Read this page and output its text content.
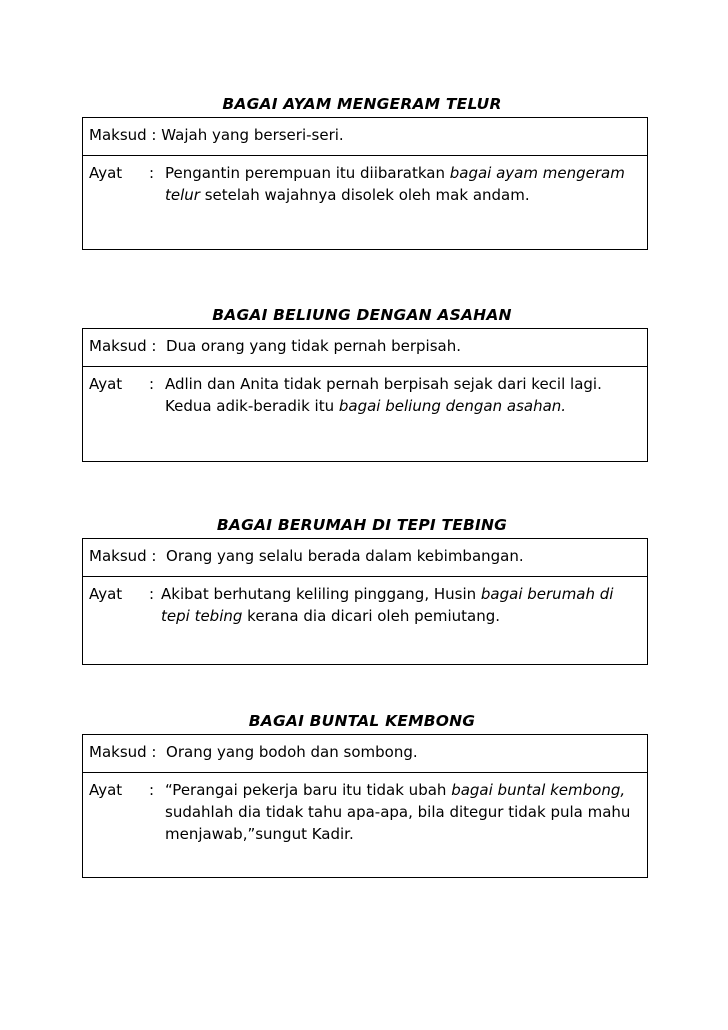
BAGAI AYAM MENGERAM TELUR
Maksud : Wajah yang berseri-seri.
Ayat	: Pengantin perempuan itu diibaratkan bagai ayam mengeram telur setelah wajahnya disolek oleh mak andam.
BAGAI BELIUNG DENGAN ASAHAN
Maksud : Dua orang yang tidak pernah berpisah.
Ayat	: Adlin dan Anita tidak pernah berpisah sejak dari kecil lagi. Kedua adik-beradik itu bagai beliung dengan asahan.
BAGAI BERUMAH DI TEPI TEBING
Maksud : Orang yang selalu berada dalam kebimbangan.
Ayat	: Akibat berhutang keliling pinggang, Husin bagai berumah di tepi tebing kerana dia dicari oleh pemiutang.
BAGAI BUNTAL KEMBONG
Maksud : Orang yang bodoh dan sombong.
Ayat	: “Perangai pekerja baru itu tidak ubah bagai buntal kembong, sudahlah dia tidak tahu apa-apa, bila ditegur tidak pula mahu menjawab,”sungut Kadir.
